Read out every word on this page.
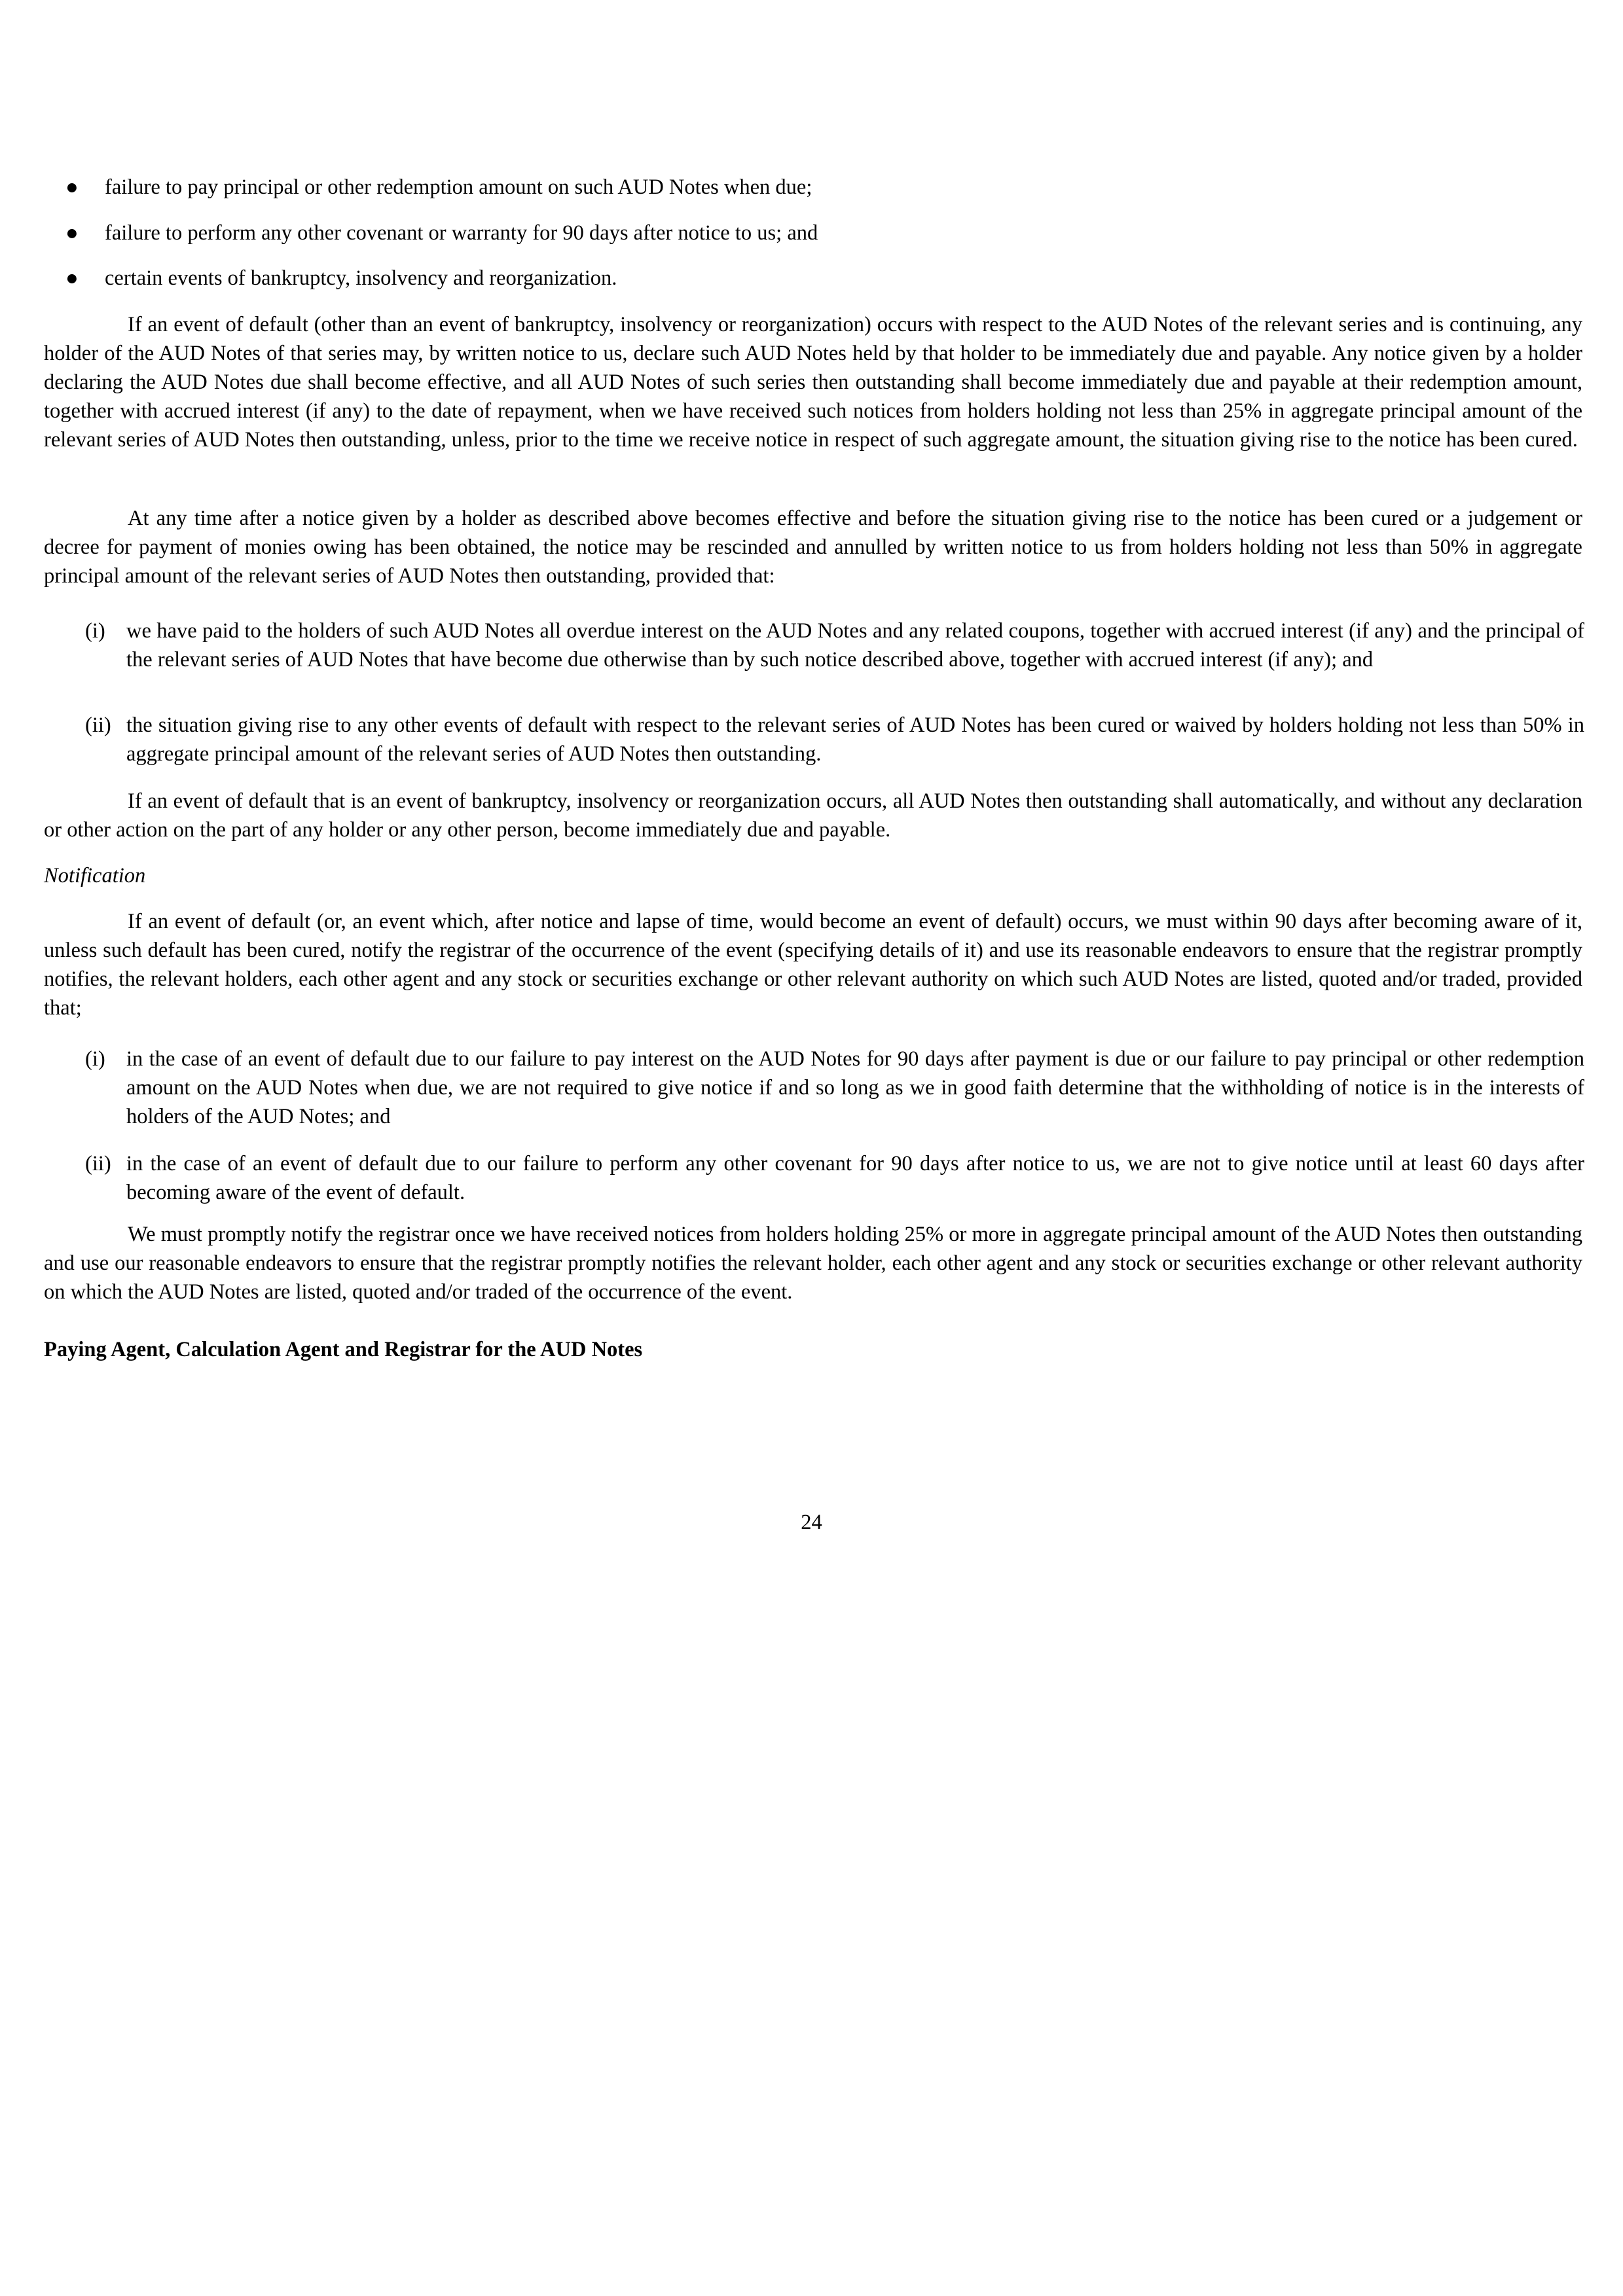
● failure to pay principal or other redemption amount on such AUD Notes when due;
● failure to perform any other covenant or warranty for 90 days after notice to us; and
● certain events of bankruptcy, insolvency and reorganization.

If an event of default (other than an event of bankruptcy, insolvency or reorganization) occurs with respect to the AUD Notes of the relevant series and is continuing, any holder of the AUD Notes of that series may, by written notice to us, declare such AUD Notes held by that holder to be immediately due and payable. Any notice given by a holder declaring the AUD Notes due shall become effective, and all AUD Notes of such series then outstanding shall become immediately due and payable at their redemption amount, together with accrued interest (if any) to the date of repayment, when we have received such notices from holders holding not less than 25% in aggregate principal amount of the relevant series of AUD Notes then outstanding, unless, prior to the time we receive notice in respect of such aggregate amount, the situation giving rise to the notice has been cured.

At any time after a notice given by a holder as described above becomes effective and before the situation giving rise to the notice has been cured or a judgement or decree for payment of monies owing has been obtained, the notice may be rescinded and annulled by written notice to us from holders holding not less than 50% in aggregate principal amount of the relevant series of AUD Notes then outstanding, provided that:

(i) we have paid to the holders of such AUD Notes all overdue interest on the AUD Notes and any related coupons, together with accrued interest (if any) and the principal of the relevant series of AUD Notes that have become due otherwise than by such notice described above, together with accrued interest (if any); and

(ii) the situation giving rise to any other events of default with respect to the relevant series of AUD Notes has been cured or waived by holders holding not less than 50% in aggregate principal amount of the relevant series of AUD Notes then outstanding.

If an event of default that is an event of bankruptcy, insolvency or reorganization occurs, all AUD Notes then outstanding shall automatically, and without any declaration or other action on the part of any holder or any other person, become immediately due and payable.

Notification

If an event of default (or, an event which, after notice and lapse of time, would become an event of default) occurs, we must within 90 days after becoming aware of it, unless such default has been cured, notify the registrar of the occurrence of the event (specifying details of it) and use its reasonable endeavors to ensure that the registrar promptly notifies, the relevant holders, each other agent and any stock or securities exchange or other relevant authority on which such AUD Notes are listed, quoted and/or traded, provided that;

(i) in the case of an event of default due to our failure to pay interest on the AUD Notes for 90 days after payment is due or our failure to pay principal or other redemption amount on the AUD Notes when due, we are not required to give notice if and so long as we in good faith determine that the withholding of notice is in the interests of holders of the AUD Notes; and

(ii) in the case of an event of default due to our failure to perform any other covenant for 90 days after notice to us, we are not to give notice until at least 60 days after becoming aware of the event of default.

We must promptly notify the registrar once we have received notices from holders holding 25% or more in aggregate principal amount of the AUD Notes then outstanding and use our reasonable endeavors to ensure that the registrar promptly notifies the relevant holder, each other agent and any stock or securities exchange or other relevant authority on which the AUD Notes are listed, quoted and/or traded of the occurrence of the event.

Paying Agent, Calculation Agent and Registrar for the AUD Notes
24
